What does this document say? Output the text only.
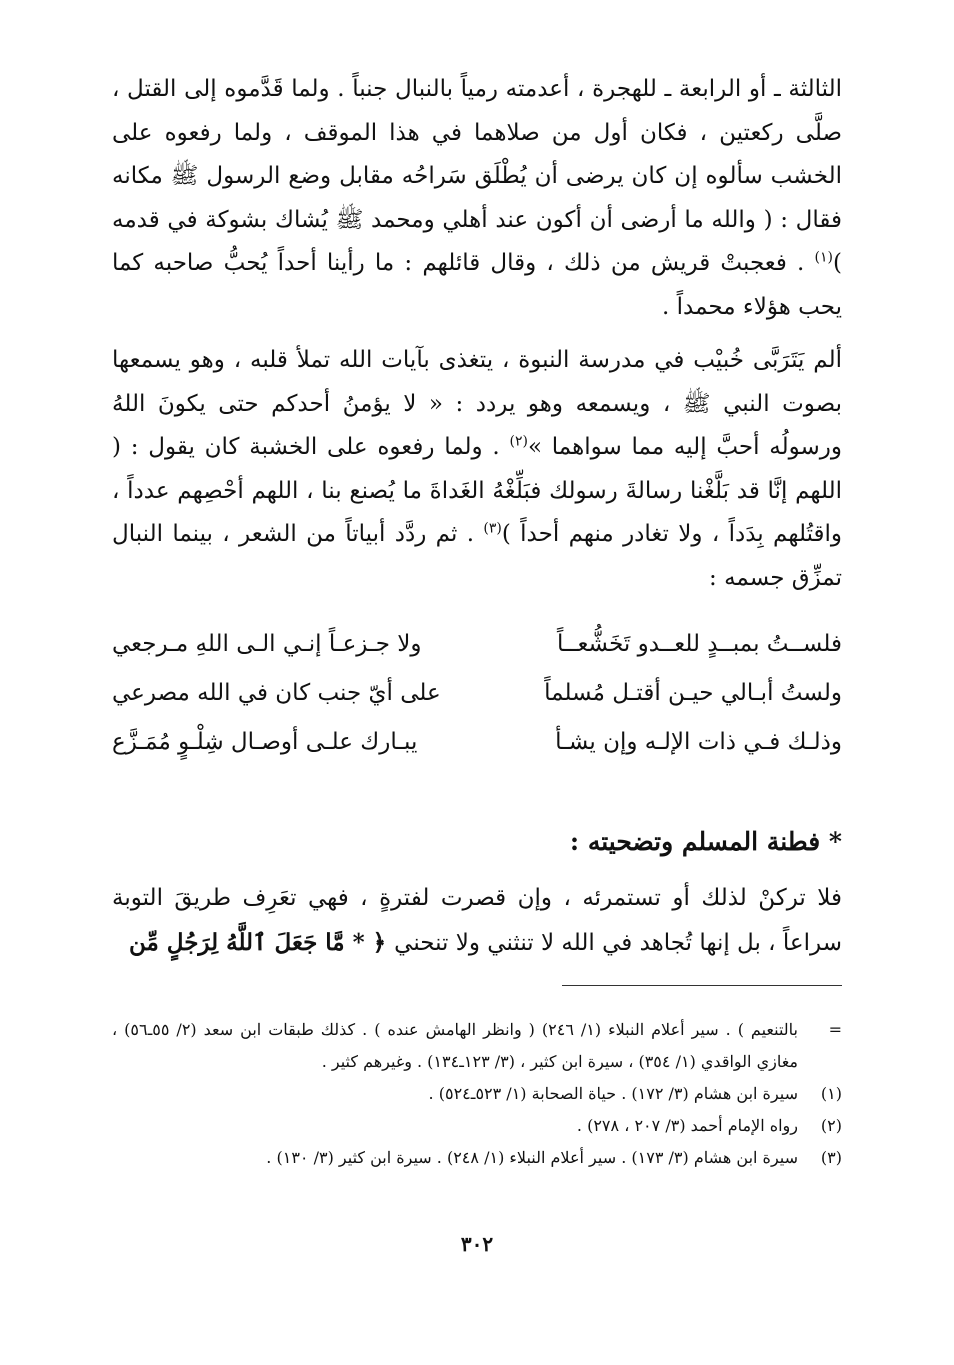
الثالثة ـ أو الرابعة ـ للهجرة ، أعدمته رمياً بالنبال جنباً . ولما قَدَّموه إلى القتل ، صلَّى ركعتين ، فكان أول من صلاهما في هذا الموقف ، ولما رفعوه على الخشب سألوه إن كان يرضى أن يُطْلَق سَراحُه مقابل وضع الرسول ﷺ مكانه فقال : ( والله ما أرضى أن أكون عند أهلي ومحمد ﷺ يُشاك بشوكة في قدمه )$^{(١)}$ . فعجبتْ قريش من ذلك ، وقال قائلهم : ما رأينا أحداً يُحبُّ صاحبه كما يحب هؤلاء محمداً .

ألم يَتَرَبَّى خُبيْب في مدرسة النبوة ، يتغذى بآيات الله تملأ قلبه ، وهو يسمعها بصوت النبي ﷺ ، ويسمعه وهو يردد : « لا يؤمنُ أحدكم حتى يكونَ اللهُ ورسولُه أحبَّ إليه مما سواهما »$^{(٢)}$ . ولما رفعوه على الخشبة كان يقول : ( اللهم إنَّا قد بَلَّغْنا رسالةَ رسولك فبَلِّغْهُ الغَداةَ ما يُصنع بنا ، اللهم أحْصِهم عدداً ، واقتُلهم بِدَداً ، ولا تغادر منهم أحداً )$^{(٣)}$ . ثم ردَّد أبياتاً من الشعر ، بينما النبال تمزِّق جسمه :

فلســتُ بمبــدٍ للعــدو تَخَشُّعــاً
ولا جـزعـاً إنـي الـى اللهِ مـرجعي
ولستُ أبـالي حيـن أقتـل مُسلماً
على أيّ جنب كان في الله مصرعي
وذلـك فـي ذات الإلـه وإن يشـأ
يبـارك علـى أوصـال شِلْـوٍ مُمَـزَّع
* فطنة المسلم وتضحيته :

فلا تركنْ لذلك أو تستمرئه ، وإن قصرت لفترةٍ ، فهي تعَرِف طريقَ التوبة سراعاً ، بل إنها تُجاهد في الله لا تنثني ولا تنحني ﴿ * مَّا جَعَلَ ٱللَّهُ لِرَجُلٍ مِّن

=
بالتنعيم ) . سير أعلام النبلاء (١/ ٢٤٦) ( وانظر الهامش عنده ) . كذلك طبقات ابن سعد (٢/ ٥٥ـ٥٦) ، مغازي الواقدي (١/ ٣٥٤) ، سيرة ابن كثير ، (٣/ ١٢٣ـ١٣٤) . وغيرهم كثير .
(١)
سيرة ابن هشام (٣/ ١٧٢) . حياة الصحابة (١/ ٥٢٣ـ٥٢٤) .
(٢)
رواه الإمام أحمد (٣/ ٢٠٧ ، ٢٧٨) .
(٣)
سيرة ابن هشام (٣/ ١٧٣) . سير أعلام النبلاء (١/ ٢٤٨) . سيرة ابن كثير (٣/ ١٣٠) .
٣٠٢
